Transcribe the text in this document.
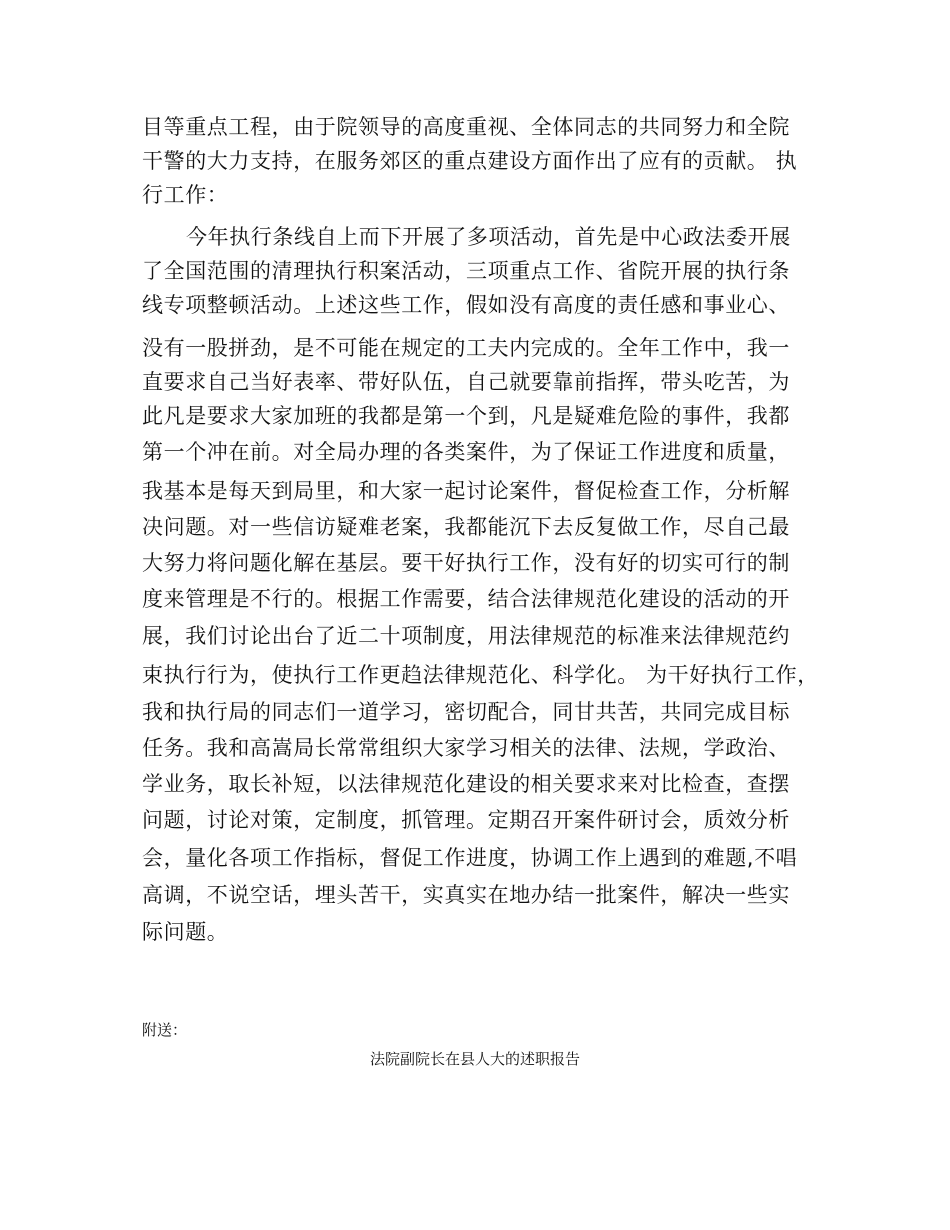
目等重点工程，由于院领导的高度重视、全体同志的共同努力和全院
干警的大力支持，在服务郊区的重点建设方面作出了应有的贡献。 执
行工作：
今年执行条线自上而下开展了多项活动，首先是中心政法委开展
了全国范围的清理执行积案活动，三项重点工作、省院开展的执行条
线专项整顿活动。上述这些工作，假如没有高度的责任感和事业心、
没有一股拼劲，是不可能在规定的工夫内完成的。全年工作中，我一
直要求自己当好表率、带好队伍，自己就要靠前指挥，带头吃苦，为
此凡是要求大家加班的我都是第一个到，凡是疑难危险的事件，我都
第一个冲在前。对全局办理的各类案件，为了保证工作进度和质量，
我基本是每天到局里，和大家一起讨论案件，督促检查工作，分析解
决问题。对一些信访疑难老案，我都能沉下去反复做工作，尽自己最
大努力将问题化解在基层。要干好执行工作，没有好的切实可行的制
度来管理是不行的。根据工作需要，结合法律规范化建设的活动的开
展，我们讨论出台了近二十项制度，用法律规范的标准来法律规范约
束执行行为，使执行工作更趋法律规范化、科学化。 为干好执行工作，
我和执行局的同志们一道学习，密切配合，同甘共苦，共同完成目标
任务。我和高嵩局长常常组织大家学习相关的法律、法规，学政治、
学业务，取长补短，以法律规范化建设的相关要求来对比检查，查摆
问题，讨论对策，定制度，抓管理。定期召开案件研讨会，质效分析
会，量化各项工作指标，督促工作进度，协调工作上遇到的难题,不唱
高调，不说空话，埋头苦干，实真实在地办结一批案件，解决一些实
际问题。
附送：
法院副院长在县人大的述职报告
